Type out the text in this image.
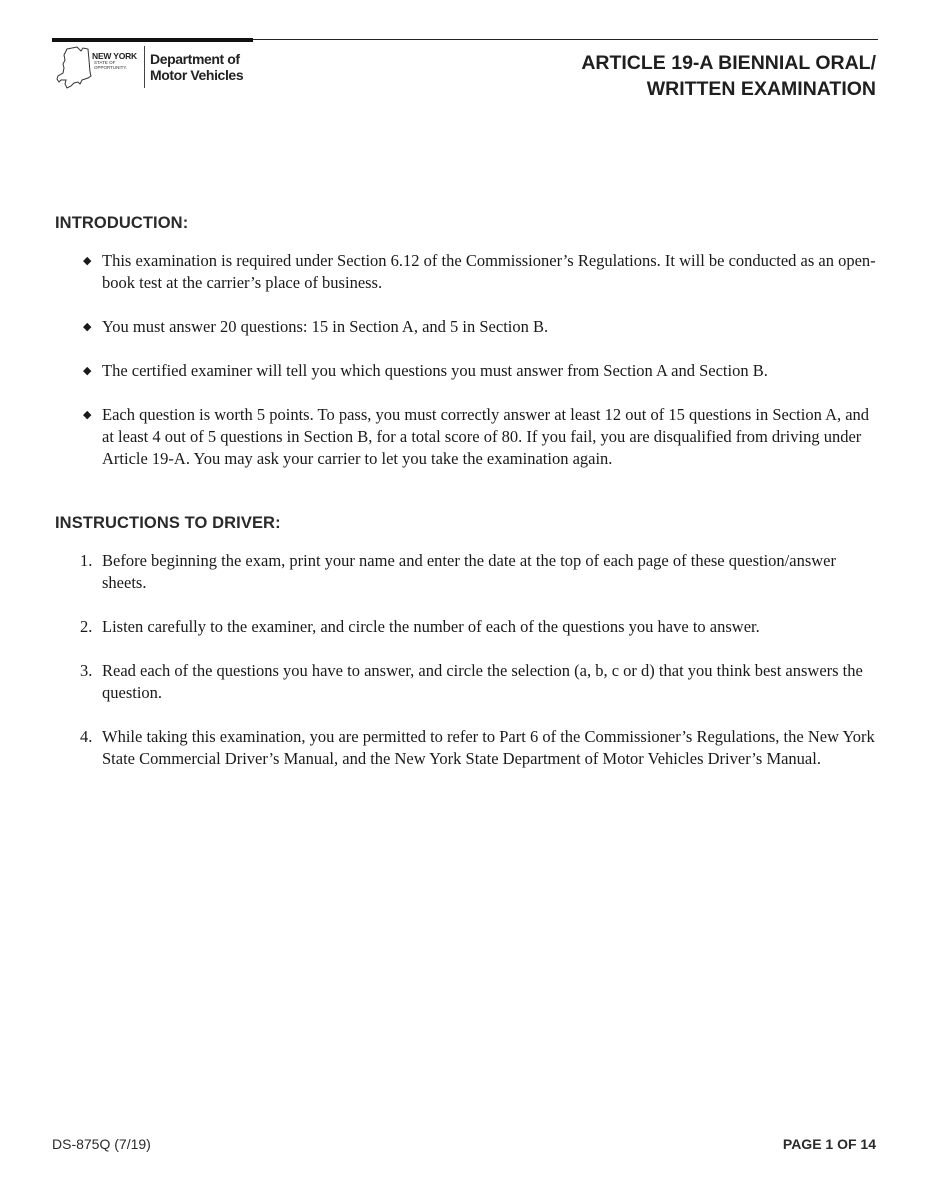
NEW YORK
STATE OF OPPORTUNITY.
Department of Motor Vehicles
ARTICLE 19-A BIENNIAL ORAL/
WRITTEN EXAMINATION
INTRODUCTION:
◆ This examination is required under Section 6.12 of the Commissioner’s Regulations. It will be conducted as an open-book test at the carrier’s place of business.
◆ You must answer 20 questions: 15 in Section A, and 5 in Section B.
◆ The certified examiner will tell you which questions you must answer from Section A and Section B.
◆ Each question is worth 5 points. To pass, you must correctly answer at least 12 out of 15 questions in Section A, and at least 4 out of 5 questions in Section B, for a total score of 80. If you fail, you are disqualified from driving under Article 19-A. You may ask your carrier to let you take the examination again.
INSTRUCTIONS TO DRIVER:
1. Before beginning the exam, print your name and enter the date at the top of each page of these question/answer sheets.
2. Listen carefully to the examiner, and circle the number of each of the questions you have to answer.
3. Read each of the questions you have to answer, and circle the selection (a, b, c or d) that you think best answers the question.
4. While taking this examination, you are permitted to refer to Part 6 of the Commissioner’s Regulations, the New York State Commercial Driver’s Manual, and the New York State Department of Motor Vehicles Driver’s Manual.
DS-875Q (7/19)	PAGE 1 OF 14
